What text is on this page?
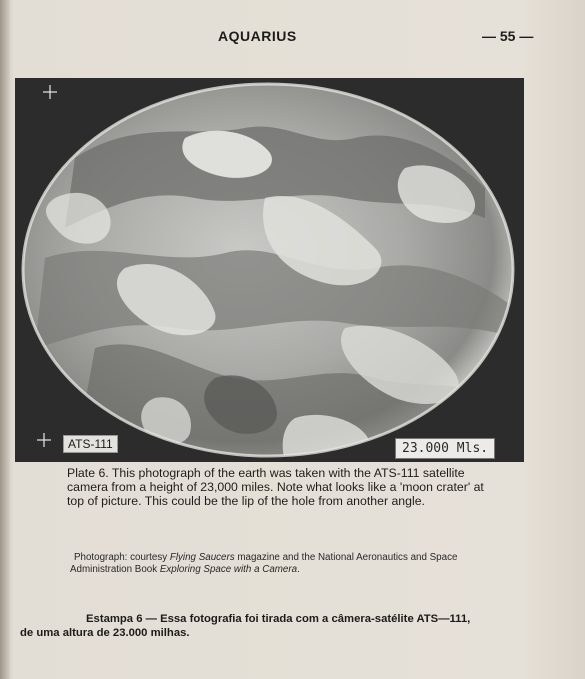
AQUARIUS	— 55 —
ATS-111	23.000 Mls.
Plate 6. This photograph of the earth was taken with the ATS-111 satellite camera from a height of 23,000 miles. Note what looks like a 'moon crater' at top of picture. This could be the lip of the hole from another angle.
Photograph: courtesy Flying Saucers magazine and the National Aeronautics and Space Administration Book Exploring Space with a Camera.
Estampa 6 — Essa fotografia foi tirada com a câmera-satélite ATS—111,
de uma altura de 23.000 milhas.
